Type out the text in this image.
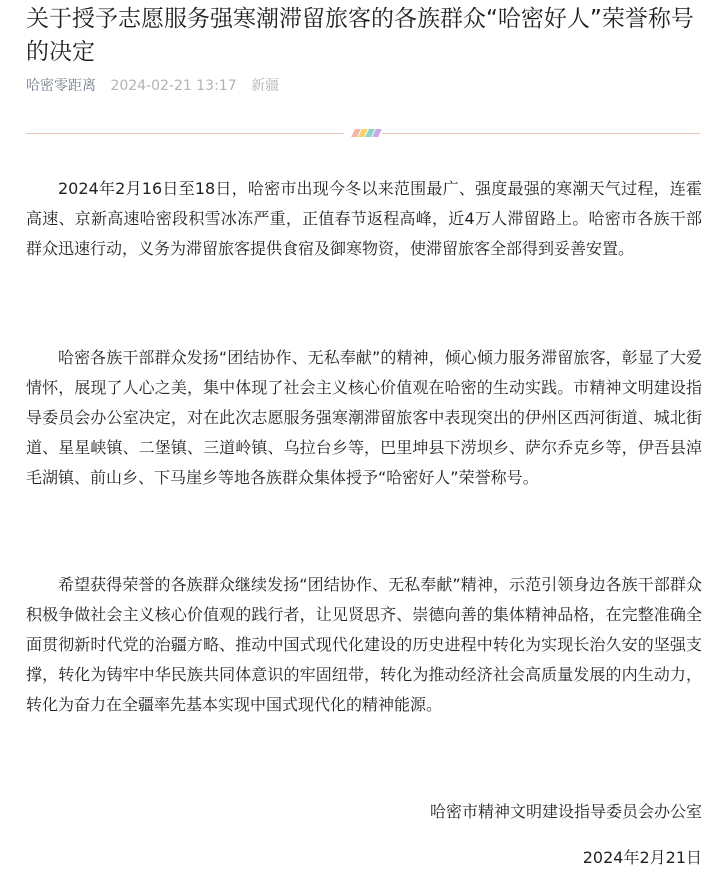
关于授予志愿服务强寒潮滞留旅客的各族群众“哈密好人”荣誉称号的决定
哈密零距离 2024-02-21 13:17 新疆

2024年2月16日至18日，哈密市出现今冬以来范围最广、强度最强的寒潮天气过程，连霍高速、京新高速哈密段积雪冰冻严重，正值春节返程高峰，近4万人滞留路上。哈密市各族干部群众迅速行动，义务为滞留旅客提供食宿及御寒物资，使滞留旅客全部得到妥善安置。

哈密各族干部群众发扬“团结协作、无私奉献”的精神，倾心倾力服务滞留旅客，彰显了大爱情怀，展现了人心之美，集中体现了社会主义核心价值观在哈密的生动实践。市精神文明建设指导委员会办公室决定，对在此次志愿服务强寒潮滞留旅客中表现突出的伊州区西河街道、城北街道、星星峡镇、二堡镇、三道岭镇、乌拉台乡等，巴里坤县下涝坝乡、萨尔乔克乡等，伊吾县淖毛湖镇、前山乡、下马崖乡等地各族群众集体授予“哈密好人”荣誉称号。

希望获得荣誉的各族群众继续发扬“团结协作、无私奉献”精神，示范引领身边各族干部群众积极争做社会主义核心价值观的践行者，让见贤思齐、崇德向善的集体精神品格，在完整准确全面贯彻新时代党的治疆方略、推动中国式现代化建设的历史进程中转化为实现长治久安的坚强支撑，转化为铸牢中华民族共同体意识的牢固纽带，转化为推动经济社会高质量发展的内生动力，转化为奋力在全疆率先基本实现中国式现代化的精神能源。

哈密市精神文明建设指导委员会办公室
2024年2月21日
